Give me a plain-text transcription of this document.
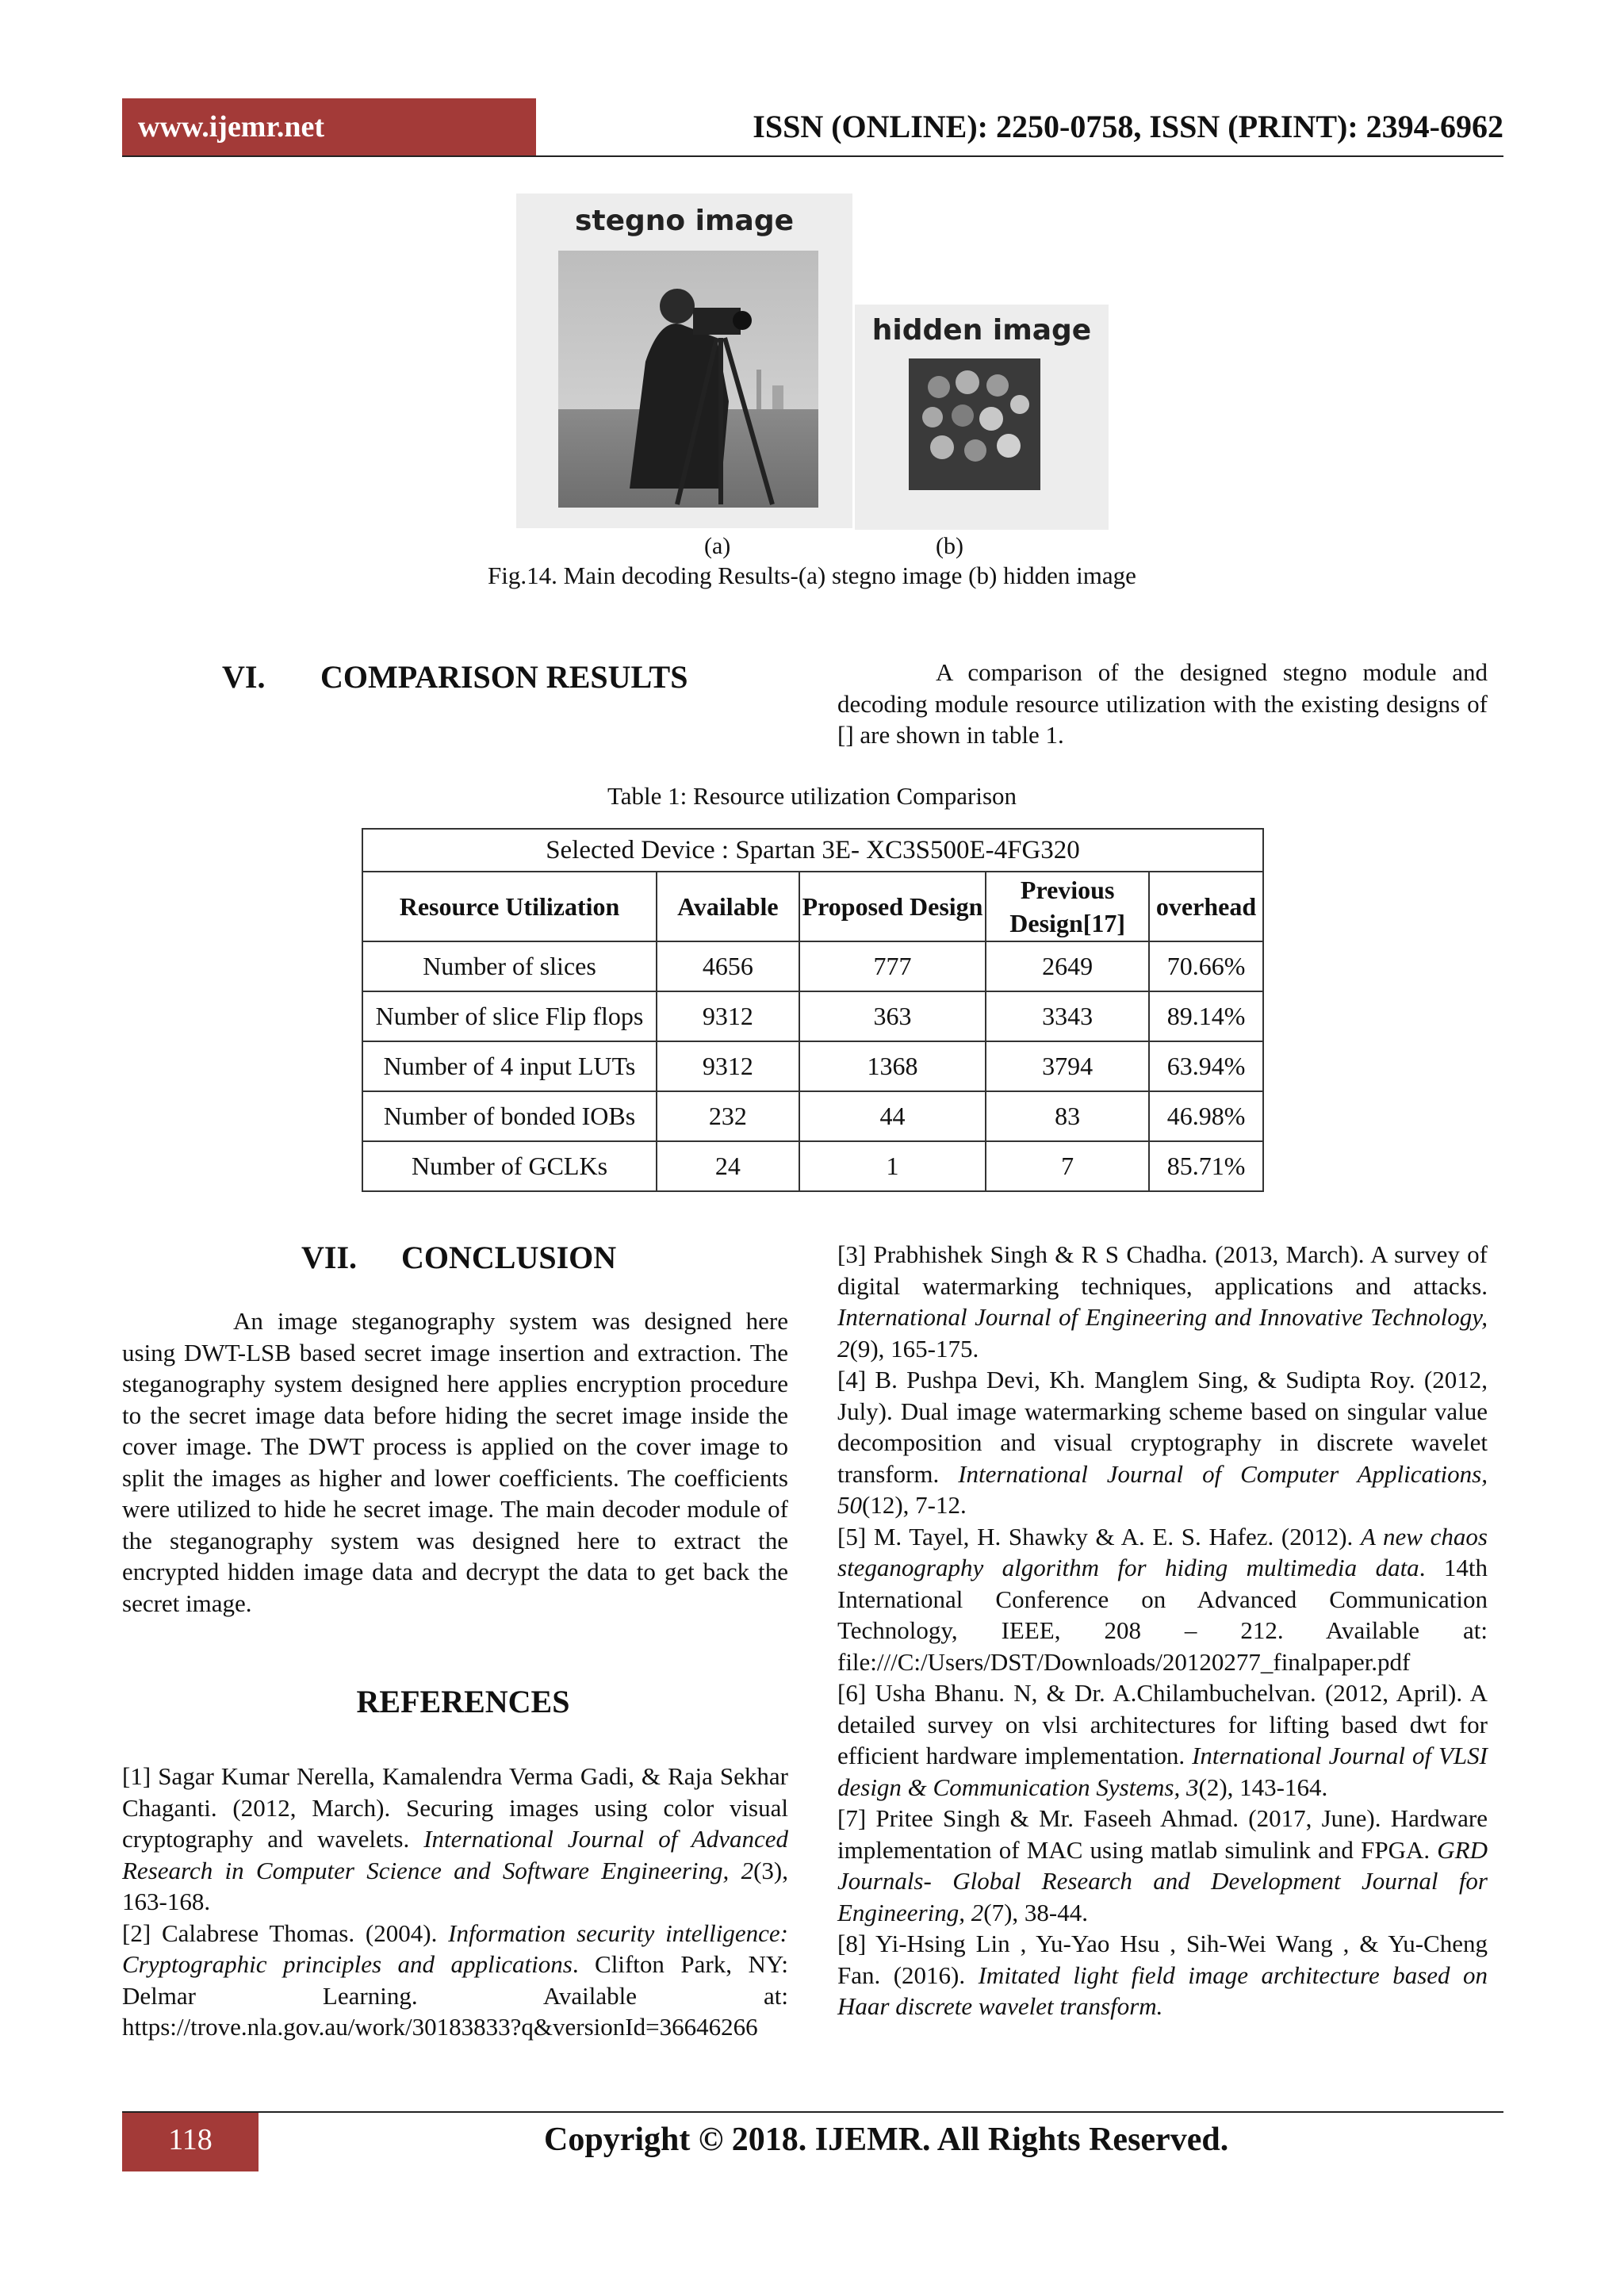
www.ijemr.net	ISSN (ONLINE): 2250-0758, ISSN (PRINT): 2394-6962
stegno image
hidden image
(a)	(b)
Fig.14. Main decoding Results-(a) stegno image (b) hidden image
VI. COMPARISON RESULTS	A comparison of the designed stegno module and decoding module resource utilization with the existing designs of [] are shown in table 1.
Table 1: Resource utilization Comparison
Selected Device : Spartan 3E- XC3S500E-4FG320				
Resource Utilization	Available	Proposed Design	Previous Design[17]	overhead
Number of slices	4656	777	2649	70.66%
Number of slice Flip flops	9312	363	3343	89.14%
Number of 4 input LUTs	9312	1368	3794	63.94%
Number of bonded IOBs	232	44	83	46.98%
Number of GCLKs	24	1	7	85.71%
VII. CONCLUSION
An image steganography system was designed here using DWT-LSB based secret image insertion and extraction. The steganography system designed here applies encryption procedure to the secret image data before hiding the secret image inside the cover image. The DWT process is applied on the cover image to split the images as higher and lower coefficients. The coefficients were utilized to hide he secret image. The main decoder module of the steganography system was designed here to extract the encrypted hidden image data and decrypt the data to get back the secret image.
REFERENCES
[1] Sagar Kumar Nerella, Kamalendra Verma Gadi, & Raja Sekhar Chaganti. (2012, March). Securing images using color visual cryptography and wavelets. International Journal of Advanced Research in Computer Science and Software Engineering, 2(3), 163-168.
[2] Calabrese Thomas. (2004). Information security intelligence: Cryptographic principles and applications. Clifton Park, NY: Delmar Learning. Available at: https://trove.nla.gov.au/work/30183833?q&versionId=36646266
[3] Prabhishek Singh & R S Chadha. (2013, March). A survey of digital watermarking techniques, applications and attacks. International Journal of Engineering and Innovative Technology, 2(9), 165-175.
[4] B. Pushpa Devi, Kh. Manglem Sing, & Sudipta Roy. (2012, July). Dual image watermarking scheme based on singular value decomposition and visual cryptography in discrete wavelet transform. International Journal of Computer Applications, 50(12), 7-12.
[5] M. Tayel, H. Shawky & A. E. S. Hafez. (2012). A new chaos steganography algorithm for hiding multimedia data. 14th International Conference on Advanced Communication Technology, IEEE, 208 – 212. Available at: file:///C:/Users/DST/Downloads/20120277_finalpaper.pdf
[6] Usha Bhanu. N, & Dr. A.Chilambuchelvan. (2012, April). A detailed survey on vlsi architectures for lifting based dwt for efficient hardware implementation. International Journal of VLSI design & Communication Systems, 3(2), 143-164.
[7] Pritee Singh & Mr. Faseeh Ahmad. (2017, June). Hardware implementation of MAC using matlab simulink and FPGA. GRD Journals- Global Research and Development Journal for Engineering, 2(7), 38-44.
[8] Yi-Hsing Lin , Yu-Yao Hsu , Sih-Wei Wang , & Yu-Cheng Fan. (2016). Imitated light field image architecture based on Haar discrete wavelet transform.
118	Copyright © 2018. IJEMR. All Rights Reserved.
